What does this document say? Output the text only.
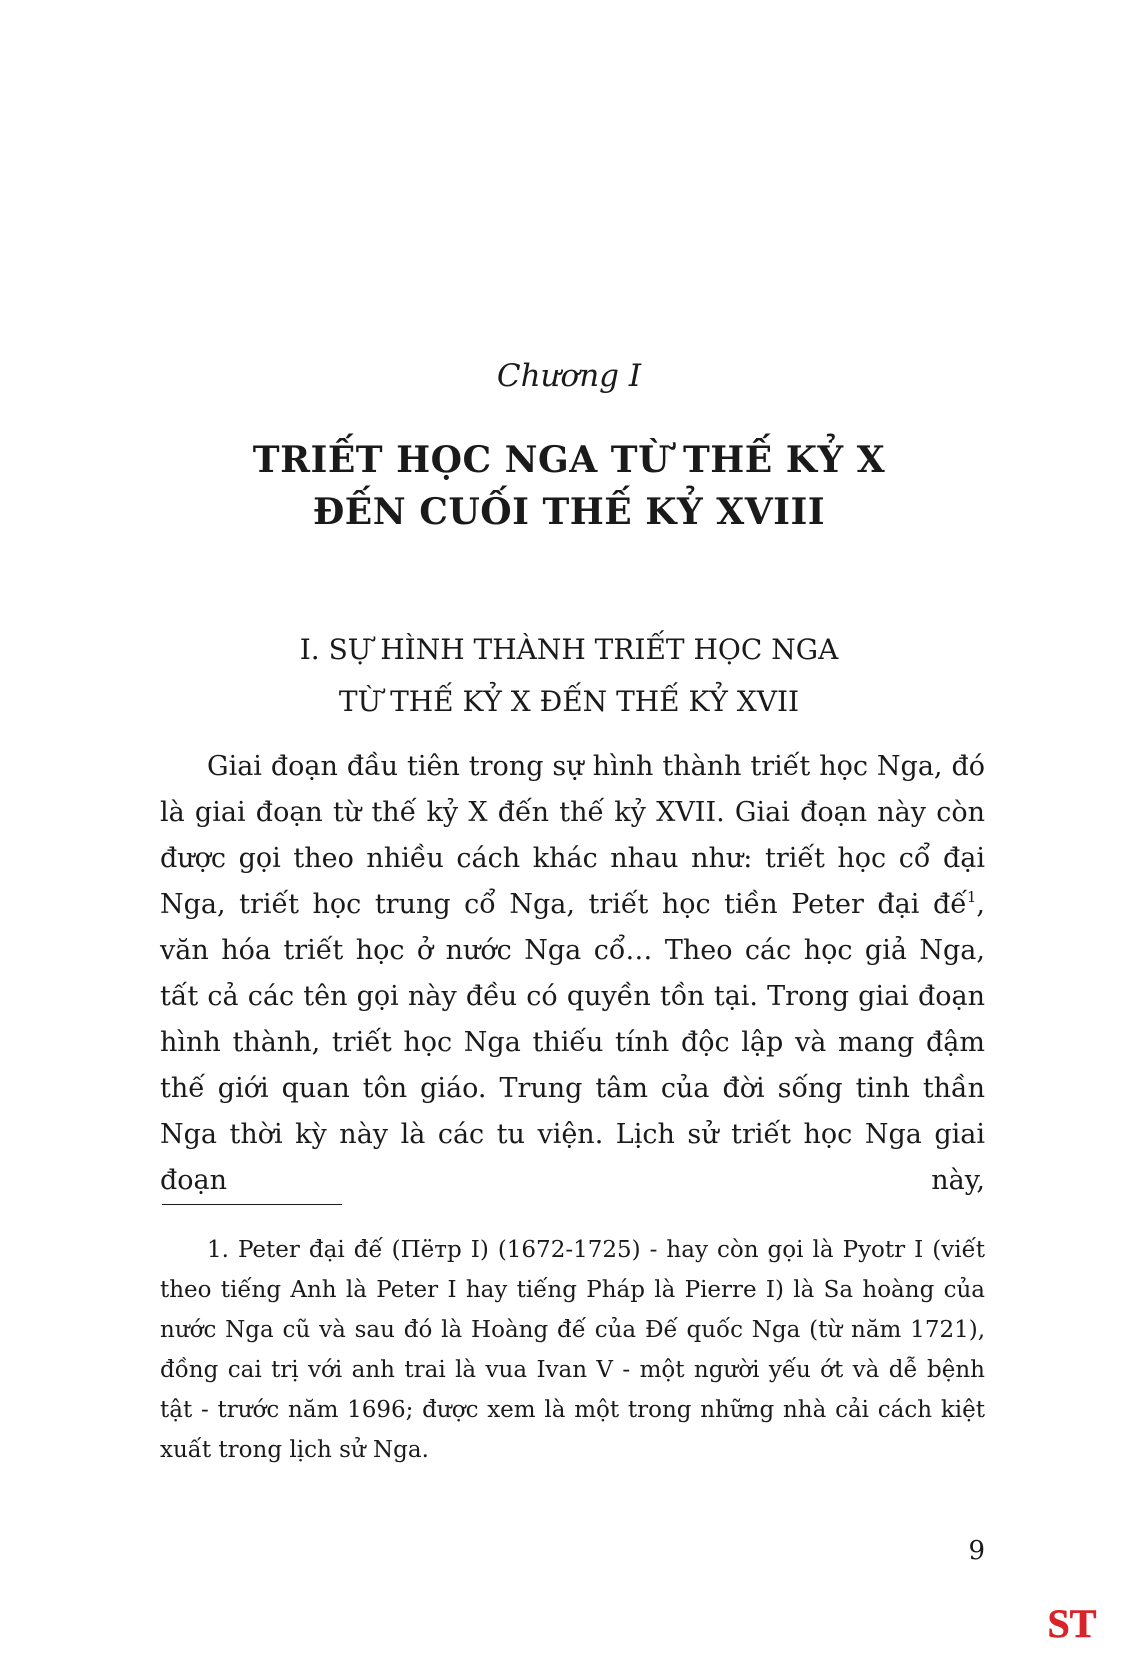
Chương I
TRIẾT HỌC NGA TỪ THẾ KỶ X
ĐẾN CUỐI THẾ KỶ XVIII
I. SỰ HÌNH THÀNH TRIẾT HỌC NGA
TỪ THẾ KỶ X ĐẾN THẾ KỶ XVII

Giai đoạn đầu tiên trong sự hình thành triết học Nga, đó là giai đoạn từ thế kỷ X đến thế kỷ XVII. Giai đoạn này còn được gọi theo nhiều cách khác nhau như: triết học cổ đại Nga, triết học trung cổ Nga, triết học tiền Peter đại đế$^1$, văn hóa triết học ở nước Nga cổ… Theo các học giả Nga, tất cả các tên gọi này đều có quyền tồn tại. Trong giai đoạn hình thành, triết học Nga thiếu tính độc lập và mang đậm thế giới quan tôn giáo. Trung tâm của đời sống tinh thần Nga thời kỳ này là các tu viện. Lịch sử triết học Nga giai đoạn này,

1. Peter đại đế (Пётр I) (1672-1725) - hay còn gọi là Pyotr I (viết theo tiếng Anh là Peter I hay tiếng Pháp là Pierre I) là Sa hoàng của nước Nga cũ và sau đó là Hoàng đế của Đế quốc Nga (từ năm 1721), đồng cai trị với anh trai là vua Ivan V - một người yếu ớt và dễ bệnh tật - trước năm 1696; được xem là một trong những nhà cải cách kiệt xuất trong lịch sử Nga.

9
ST
